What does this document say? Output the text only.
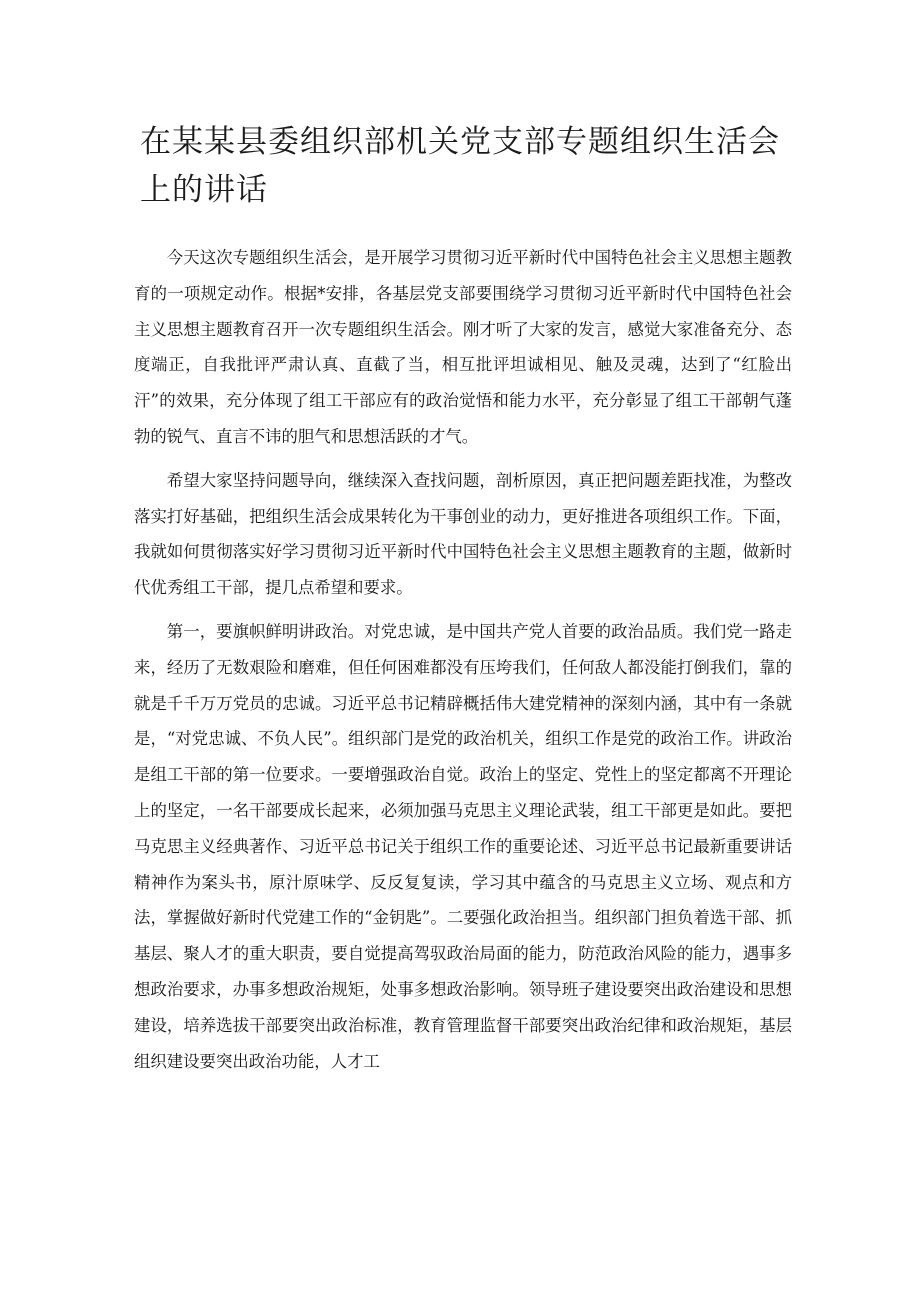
在某某县委组织部机关党支部专题组织生活会上的讲话

今天这次专题组织生活会，是开展学习贯彻习近平新时代中国特色社会主义思想主题教育的一项规定动作。根据*安排，各基层党支部要围绕学习贯彻习近平新时代中国特色社会主义思想主题教育召开一次专题组织生活会。刚才听了大家的发言，感觉大家准备充分、态度端正，自我批评严肃认真、直截了当，相互批评坦诚相见、触及灵魂，达到了“红脸出汗”的效果，充分体现了组工干部应有的政治觉悟和能力水平，充分彰显了组工干部朝气蓬勃的锐气、直言不讳的胆气和思想活跃的才气。

希望大家坚持问题导向，继续深入查找问题，剖析原因，真正把问题差距找准，为整改落实打好基础，把组织生活会成果转化为干事创业的动力，更好推进各项组织工作。下面，我就如何贯彻落实好学习贯彻习近平新时代中国特色社会主义思想主题教育的主题，做新时代优秀组工干部，提几点希望和要求。

第一，要旗帜鲜明讲政治。对党忠诚，是中国共产党人首要的政治品质。我们党一路走来，经历了无数艰险和磨难，但任何困难都没有压垮我们，任何敌人都没能打倒我们，靠的就是千千万万党员的忠诚。习近平总书记精辟概括伟大建党精神的深刻内涵，其中有一条就是，“对党忠诚、不负人民”。组织部门是党的政治机关，组织工作是党的政治工作。讲政治是组工干部的第一位要求。一要增强政治自觉。政治上的坚定、党性上的坚定都离不开理论上的坚定，一名干部要成长起来，必须加强马克思主义理论武装，组工干部更是如此。要把马克思主义经典著作、习近平总书记关于组织工作的重要论述、习近平总书记最新重要讲话精神作为案头书，原汁原味学、反反复复读，学习其中蕴含的马克思主义立场、观点和方法，掌握做好新时代党建工作的“金钥匙”。二要强化政治担当。组织部门担负着选干部、抓基层、聚人才的重大职责，要自觉提高驾驭政治局面的能力，防范政治风险的能力，遇事多想政治要求，办事多想政治规矩，处事多想政治影响。领导班子建设要突出政治建设和思想建设，培养选拔干部要突出政治标准，教育管理监督干部要突出政治纪律和政治规矩，基层组织建设要突出政治功能，人才工
